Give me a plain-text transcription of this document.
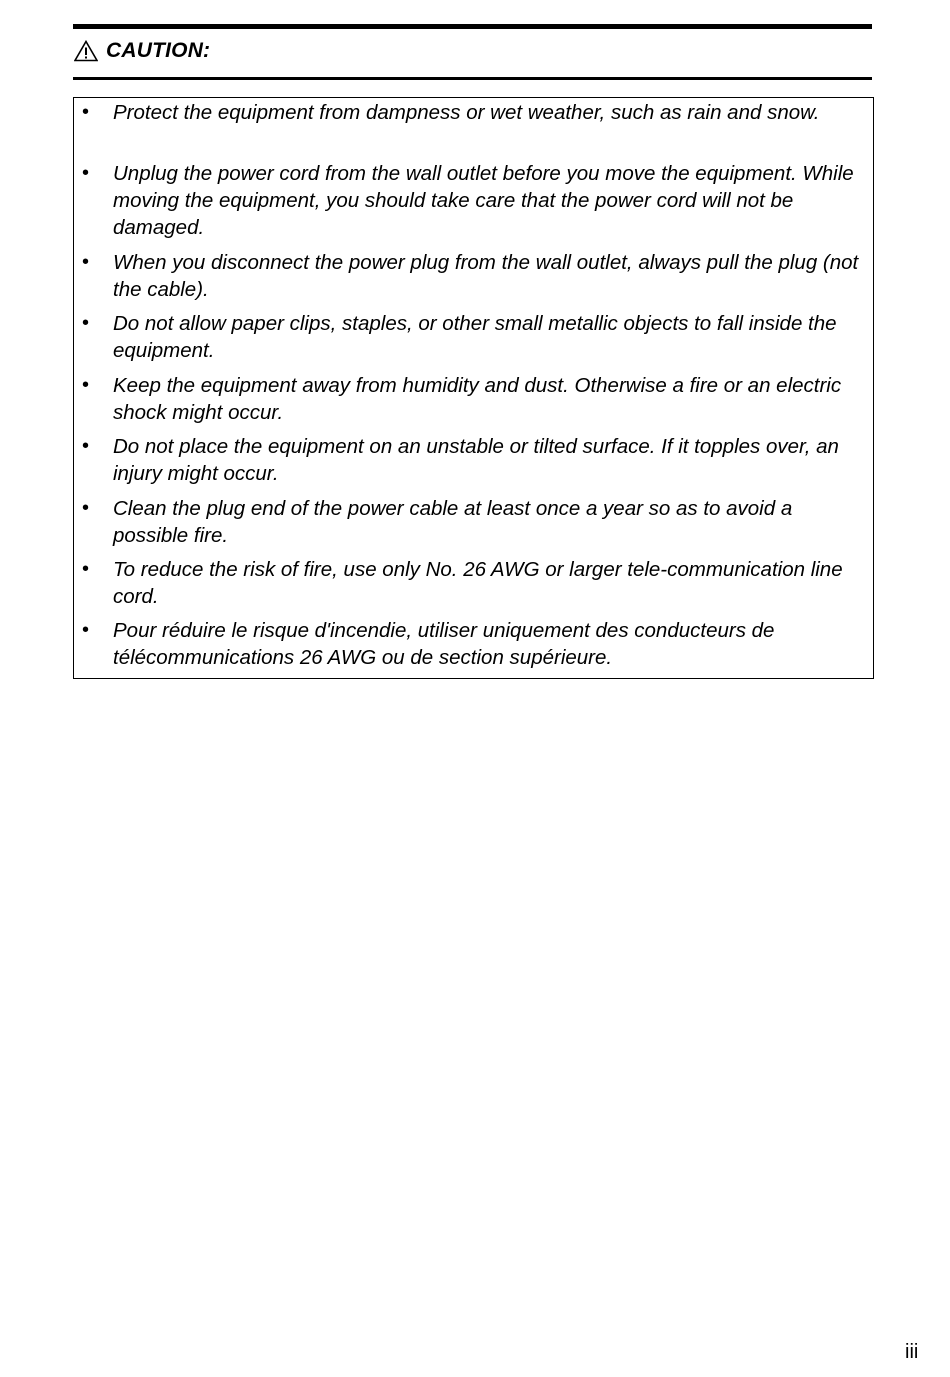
CAUTION:
•	Protect the equipment from dampness or wet weather, such as rain and snow.
•	Unplug the power cord from the wall outlet before you move the equipment. While moving the equipment, you should take care that the power cord will not be damaged.
•	When you disconnect the power plug from the wall outlet, always pull the plug (not the cable).
•	Do not allow paper clips, staples, or other small metallic objects to fall inside the equipment.
•	Keep the equipment away from humidity and dust. Otherwise a fire or an electric shock might occur.
•	Do not place the equipment on an unstable or tilted surface. If it topples over, an injury might occur.
•	Clean the plug end of the power cable at least once a year so as to avoid a possible fire.
•	To reduce the risk of fire, use only No. 26 AWG or larger tele-communication line cord.
•	Pour réduire le risque d'incendie, utiliser uniquement des conducteurs de télécommunications 26 AWG ou de section supérieure.
iii
